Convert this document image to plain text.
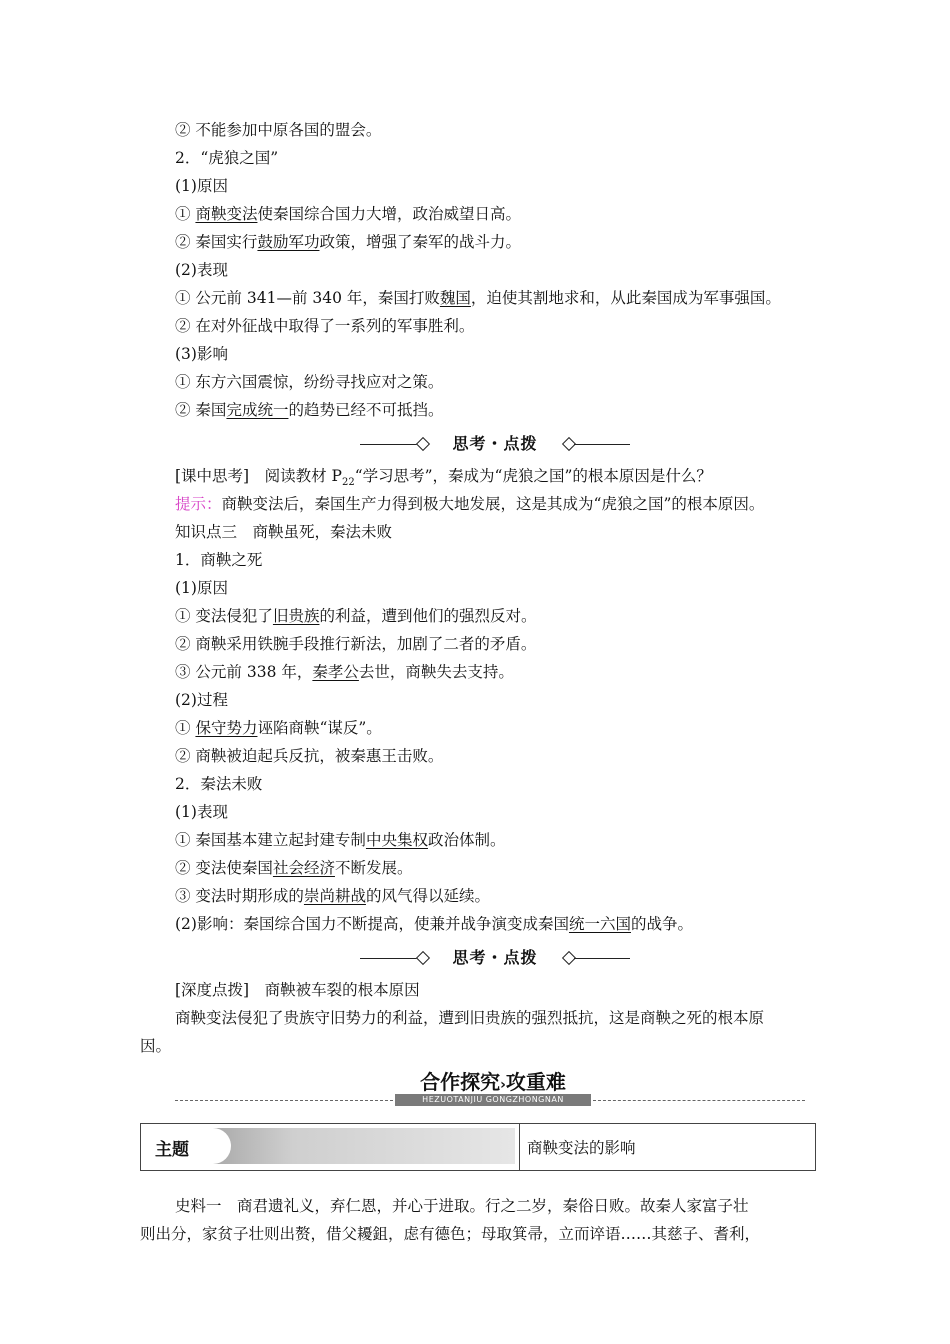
② 不能参加中原各国的盟会。
2．“虎狼之国”
(1)原因
① 商鞅变法使秦国综合国力大增，政治威望日高。
② 秦国实行鼓励军功政策，增强了秦军的战斗力。
(2)表现
① 公元前 341—前 340 年，秦国打败魏国，迫使其割地求和，从此秦国成为军事强国。
② 在对外征战中取得了一系列的军事胜利。
(3)影响
① 东方六国震惊，纷纷寻找应对之策。
② 秦国完成统一的趋势已经不可抵挡。
[课中思考]　阅读教材 $P_{22}“$学习思考”，秦成为“虎狼之国”的根本原因是什么？
提示：商鞅变法后，秦国生产力得到极大地发展，这是其成为“虎狼之国”的根本原因。
知识点三　商鞅虽死，秦法未败
1．商鞅之死
(1)原因
① 变法侵犯了旧贵族的利益，遭到他们的强烈反对。
② 商鞅采用铁腕手段推行新法，加剧了二者的矛盾。
③ 公元前 338 年，秦孝公去世，商鞅失去支持。
(2)过程
① 保守势力诬陷商鞅“谋反”。
② 商鞅被迫起兵反抗，被秦惠王击败。
2．秦法未败
(1)表现
① 秦国基本建立起封建专制中央集权政治体制。
② 变法使秦国社会经济不断发展。
③ 变法时期形成的崇尚耕战的风气得以延续。
(2)影响：秦国综合国力不断提高，使兼并战争演变成秦国统一六国的战争。
[深度点拨]　商鞅被车裂的根本原因
商鞅变法侵犯了贵族守旧势力的利益，遭到旧贵族的强烈抵抗，这是商鞅之死的根本原
因。
史料一　商君遗礼义，弃仁恩，并心于进取。行之二岁，秦俗日败。故秦人家富子壮
则出分，家贫子壮则出赘，借父耰鉏，虑有德色；母取箕帚，立而谇语……其慈子、耆利，
思考・点拨
思考・点拨
合作探究›攻重难
HEZUOTANJIU GONGZHONGNAN
主题	商鞅变法的影响
